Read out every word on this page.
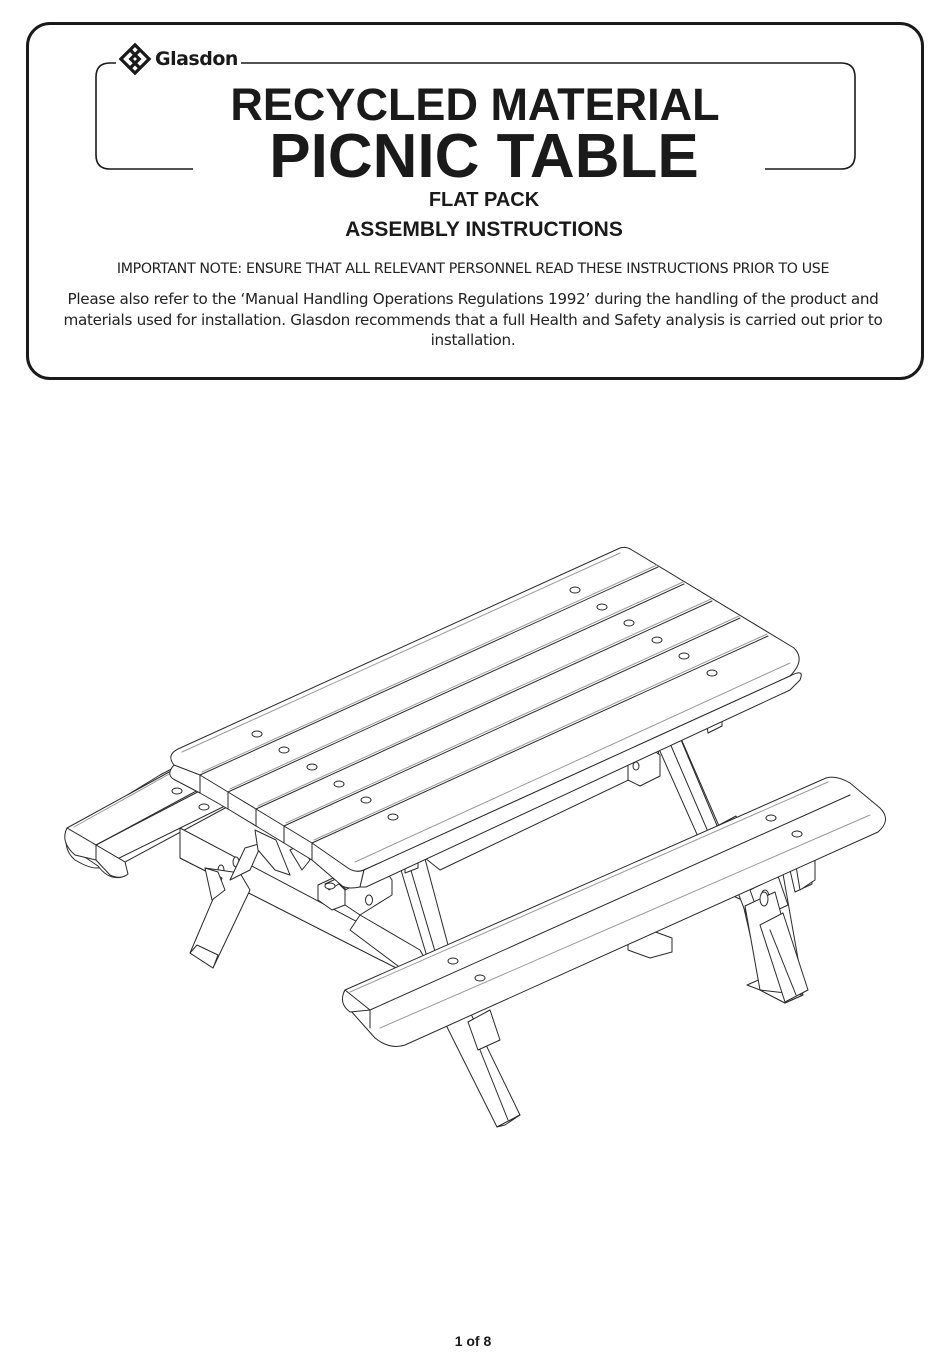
Glasdon
RECYCLED MATERIAL
PICNIC TABLE
FLAT PACK
ASSEMBLY INSTRUCTIONS
IMPORTANT NOTE: ENSURE THAT ALL RELEVANT PERSONNEL READ THESE INSTRUCTIONS PRIOR TO USE
Please also refer to the ‘Manual Handling Operations Regulations 1992’ during the handling of the product and materials used for installation. Glasdon recommends that a full Health and Safety analysis is carried out prior to installation.
1 of 8
